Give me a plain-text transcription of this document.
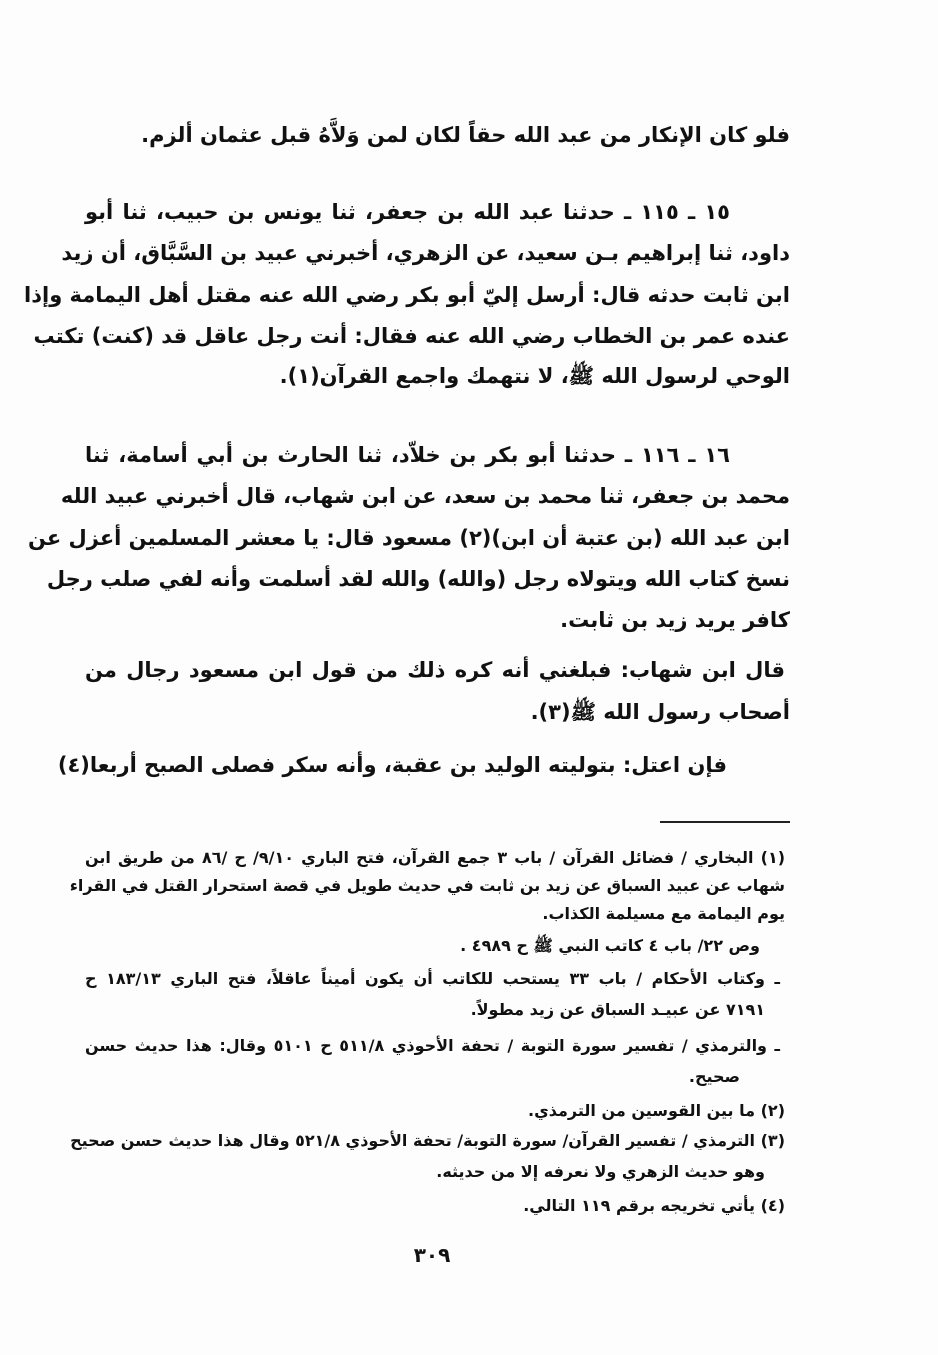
فلو كان الإنكار من عبد الله حقاً لكان لمن وَلاَّهُ قبل عثمان ألزم.
١٥ ـ ١١٥ ـ حدثنا عبد الله بن جعفر، ثنا يونس بن حبيب، ثنا أبو
داود، ثنا إبراهيم بـن سعيد، عن الزهري، أخبرني عبيد بن السَّبَّاق، أن زيد
ابن ثابت حدثه قال: أرسل إليّ أبو بكر رضي الله عنه مقتل أهل اليمامة وإذا
عنده عمر بن الخطاب رضي الله عنه فقال: أنت رجل عاقل قد (كنت) تكتب
الوحي لرسول الله ﷺ، لا نتهمك واجمع القرآن(١).
١٦ ـ ١١٦ ـ حدثنا أبو بكر بن خلاّد، ثنا الحارث بن أبي أسامة، ثنا
محمد بن جعفر، ثنا محمد بن سعد، عن ابن شهاب، قال أخبرني عبيد الله
ابن عبد الله (بن عتبة أن ابن)(٢) مسعود قال: يا معشر المسلمين أعزل عن
نسخ كتاب الله ويتولاه رجل (والله) والله لقد أسلمت وأنه لفي صلب رجل
كافر يريد زيد بن ثابت.
قال ابن شهاب: فبلغني أنه كره ذلك من قول ابن مسعود رجال من
أصحاب رسول الله ﷺ(٣).
فإن اعتل: بتوليته الوليد بن عقبة، وأنه سكر فصلى الصبح أربعا(٤)
(١) البخاري / فضائل القرآن / باب ٣ جمع القرآن، فتح الباري ٩/١٠/ ح /٨٦ من طريق ابن
شهاب عن عبيد السباق عن زيد بن ثابت في حديث طويل في قصة استحرار القتل في القراء
يوم اليمامة مع مسيلمة الكذاب.
وص ٢٢/ باب ٤ كاتب النبي ﷺ ح ٤٩٨٩ .
ـ وكتاب الأحكام / باب ٣٣ يستحب للكاتب أن يكون أميناً عاقلاً، فتح الباري ١٨٣/١٣ ح
٧١٩١ عن عبيـد السباق عن زيد مطولاً.
ـ والترمذي / تفسير سورة التوبة / تحفة الأحوذي ٥١١/٨ ح ٥١٠١ وقال: هذا حديث حسن
صحيح.
(٢) ما بين القوسين من الترمذي.
(٣) الترمذي / تفسير القرآن/ سورة التوبة/ تحفة الأحوذي ٥٢١/٨ وقال هذا حديث حسن صحيح
وهو حديث الزهري ولا نعرفه إلا من حديثه.
(٤) يأتي تخريجه برقم ١١٩ التالي.
٣٠٩
